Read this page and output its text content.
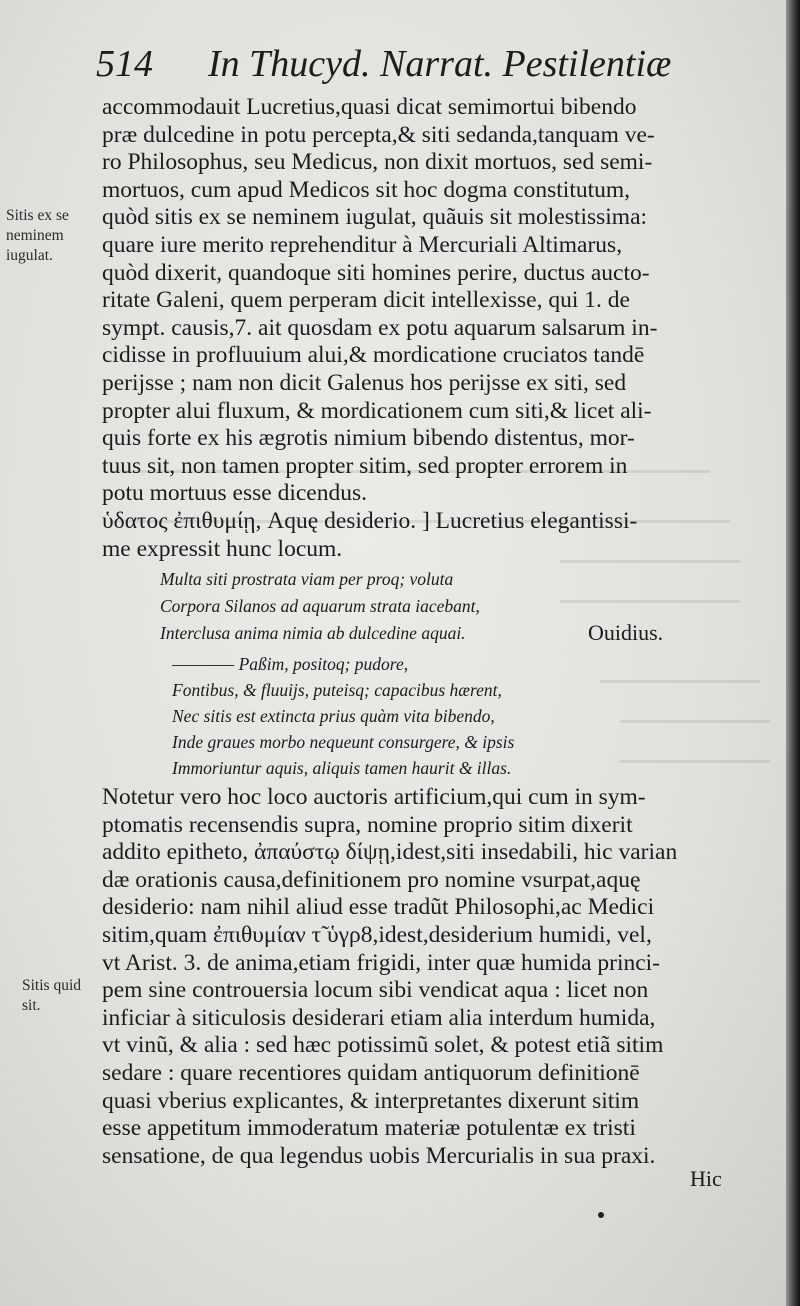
514 In Thucyd. Narrat. Pestilentiæ
Sitis ex se
neminem
iugulat.
Sitis quid
sit.
accommodauit Lucretius,quasi dicat semimortui bibendo
præ dulcedine in potu percepta,& siti sedanda,tanquam ve-
ro Philosophus, seu Medicus, non dixit mortuos, sed semi-
mortuos, cum apud Medicos sit hoc dogma constitutum,
quòd sitis ex se neminem iugulat, quãuis sit molestissima:
quare iure merito reprehenditur à Mercuriali Altimarus,
quòd dixerit, quandoque siti homines perire, ductus aucto-
ritate Galeni, quem perperam dicit intellexisse, qui 1. de
sympt. causis,7. ait quosdam ex potu aquarum salsarum in-
cidisse in profluuium alui,& mordicatione cruciatos tandē
perijsse ; nam non dicit Galenus hos perijsse ex siti, sed
propter alui fluxum, & mordicationem cum siti,& licet ali-
quis forte ex his ægrotis nimium bibendo distentus, mor-
tuus sit, non tamen propter sitim, sed propter errorem in
potu mortuus esse dicendus.
ὑδατος ἐπιθυμίῃ, Aquę desiderio. ] Lucretius elegantissi-
me expressit hunc locum.
Multa siti prostrata viam per proq; voluta
Corpora Silanos ad aquarum strata iacebant,
Interclusa anima nimia ab dulcedine aquai.	Ouidius.
———— Paßim, positoq; pudore,
Fontibus, & fluuijs, puteisq; capacibus hærent,
Nec sitis est extincta prius quàm vita bibendo,
Inde graues morbo nequeunt consurgere, & ipsis
Immoriuntur aquis, aliquis tamen haurit & illas.
Notetur vero hoc loco auctoris artificium,qui cum in sym-
ptomatis recensendis supra, nomine proprio sitim dixerit
addito epitheto, ἀπαύστῳ δίψῃ,idest,siti insedabili, hic varian
dæ orationis causa,definitionem pro nomine vsurpat,aquę
desiderio: nam nihil aliud esse tradũt Philosophi,ac Medici
sitim,quam ἐπιθυμίαν τ̃ ὑγρ8,idest,desiderium humidi, vel,
vt Arist. 3. de anima,etiam frigidi, inter quæ humida princi-
pem sine controuersia locum sibi vendicat aqua : licet non
inficiar à siticulosis desiderari etiam alia interdum humida,
vt vinũ, & alia : sed hæc potissimũ solet, & potest etiã sitim
sedare : quare recentiores quidam antiquorum definitionē
quasi vberius explicantes, & interpretantes dixerunt sitim
esse appetitum immoderatum materiæ potulentæ ex tristi
sensatione, de qua legendus uobis Mercurialis in sua praxi.
Hic
